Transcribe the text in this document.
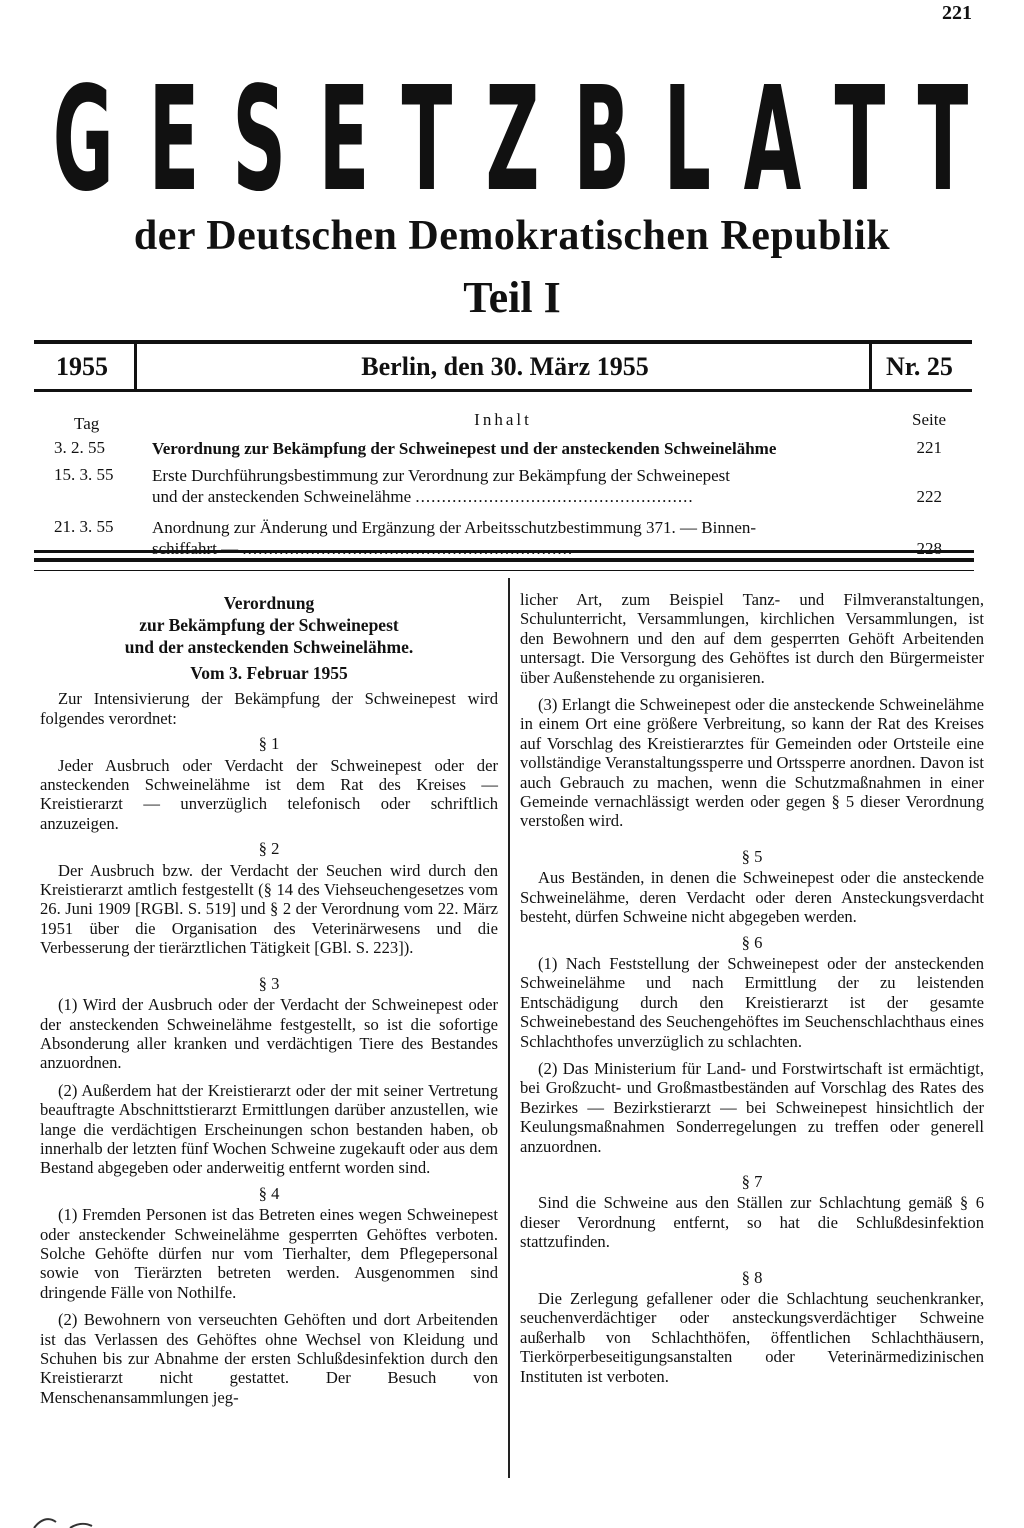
221
G E S E T Z B L A T T
der Deutschen Demokratischen Republik
Teil I
1955	Berlin, den 30. März 1955	Nr. 25
Tag	Inhalt	Seite
3. 2. 55	Verordnung zur Bekämpfung der Schweinepest und der ansteckenden Schweinelähme	221
15. 3. 55	Erste Durchführungsbestimmung zur Verordnung zur Bekämpfung der Schweinepest
und der ansteckenden Schweinelähme .....................................................	222
21. 3. 55	Anordnung zur Änderung und Ergänzung der Arbeitsschutzbestimmung 371. — Binnen-
schiffahrt — ...............................................................	228
Verordnung
zur Bekämpfung der Schweinepest
und der ansteckenden Schweinelähme.
Vom 3. Februar 1955

Zur Intensivierung der Bekämpfung der Schweinepest wird folgendes verordnet:

§ 1

Jeder Ausbruch oder Verdacht der Schweinepest oder der ansteckenden Schweinelähme ist dem Rat des Kreises — Kreistierarzt — unverzüglich telefonisch oder schriftlich anzuzeigen.

§ 2

Der Ausbruch bzw. der Verdacht der Seuchen wird durch den Kreistierarzt amtlich festgestellt (§ 14 des Viehseuchengesetzes vom 26. Juni 1909 [RGBl. S. 519] und § 2 der Verordnung vom 22. März 1951 über die Organisation des Veterinärwesens und die Verbesserung der tierärztlichen Tätigkeit [GBl. S. 223]).

§ 3

(1) Wird der Ausbruch oder der Verdacht der Schweinepest oder der ansteckenden Schweinelähme festgestellt, so ist die sofortige Absonderung aller kranken und verdächtigen Tiere des Bestandes anzuordnen.

(2) Außerdem hat der Kreistierarzt oder der mit seiner Vertretung beauftragte Abschnittstierarzt Ermittlungen darüber anzustellen, wie lange die verdächtigen Erscheinungen schon bestanden haben, ob innerhalb der letzten fünf Wochen Schweine zugekauft oder aus dem Bestand abgegeben oder anderweitig entfernt worden sind.

§ 4

(1) Fremden Personen ist das Betreten eines wegen Schweinepest oder ansteckender Schweinelähme gesperrten Gehöftes verboten. Solche Gehöfte dürfen nur vom Tierhalter, dem Pflegepersonal sowie von Tierärzten betreten werden. Ausgenommen sind dringende Fälle von Nothilfe.

(2) Bewohnern von verseuchten Gehöften und dort Arbeitenden ist das Verlassen des Gehöftes ohne Wechsel von Kleidung und Schuhen bis zur Abnahme der ersten Schlußdesinfektion durch den Kreistierarzt nicht gestattet. Der Besuch von Menschenansammlungen jeg-

licher Art, zum Beispiel Tanz- und Filmveranstaltungen, Schulunterricht, Versammlungen, kirchlichen Versammlungen, ist den Bewohnern und den auf dem gesperrten Gehöft Arbeitenden untersagt. Die Versorgung des Gehöftes ist durch den Bürgermeister über Außenstehende zu organisieren.

(3) Erlangt die Schweinepest oder die ansteckende Schweinelähme in einem Ort eine größere Verbreitung, so kann der Rat des Kreises auf Vorschlag des Kreistierarztes für Gemeinden oder Ortsteile eine vollständige Veranstaltungssperre und Ortssperre anordnen. Davon ist auch Gebrauch zu machen, wenn die Schutzmaßnahmen in einer Gemeinde vernachlässigt werden oder gegen § 5 dieser Verordnung verstoßen wird.

§ 5

Aus Beständen, in denen die Schweinepest oder die ansteckende Schweinelähme, deren Verdacht oder deren Ansteckungsverdacht besteht, dürfen Schweine nicht abgegeben werden.

§ 6

(1) Nach Feststellung der Schweinepest oder der ansteckenden Schweinelähme und nach Ermittlung der zu leistenden Entschädigung durch den Kreistierarzt ist der gesamte Schweinebestand des Seuchengehöftes im Seuchenschlachthaus eines Schlachthofes unverzüglich zu schlachten.

(2) Das Ministerium für Land- und Forstwirtschaft ist ermächtigt, bei Großzucht- und Großmastbeständen auf Vorschlag des Rates des Bezirkes — Bezirkstierarzt — bei Schweinepest hinsichtlich der Keulungsmaßnahmen Sonderregelungen zu treffen oder generell anzuordnen.

§ 7

Sind die Schweine aus den Ställen zur Schlachtung gemäß § 6 dieser Verordnung entfernt, so hat die Schlußdesinfektion stattzufinden.

§ 8

Die Zerlegung gefallener oder die Schlachtung seuchenkranker, seuchenverdächtiger oder ansteckungsverdächtiger Schweine außerhalb von Schlachthöfen, öffentlichen Schlachthäusern, Tierkörperbeseitigungsanstalten oder Veterinärmedizinischen Instituten ist verboten.
